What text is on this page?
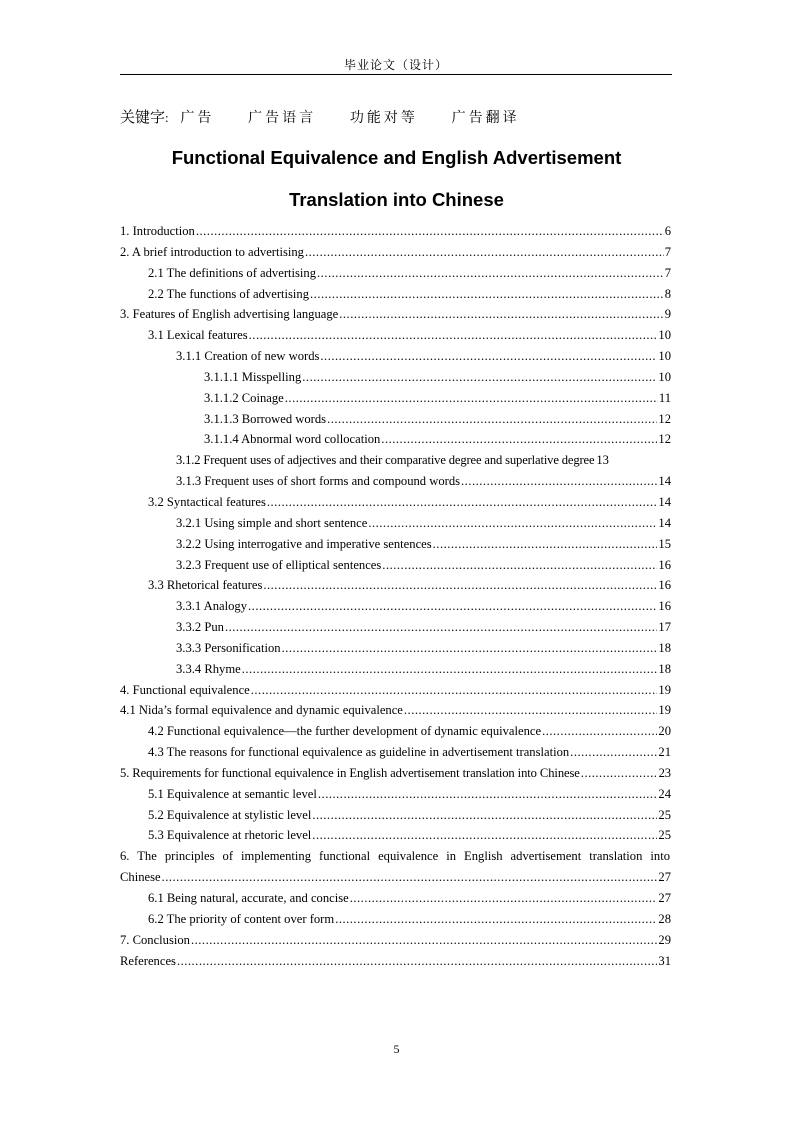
毕业论文（设计）
关键字: 广告 广告语言 功能对等 广告翻译
Functional Equivalence and English Advertisement
Translation into Chinese
1. Introduction .....	6
2. A brief introduction to advertising .....	7
2.1 The definitions of advertising .....	7
2.2 The functions of advertising .....	8
3. Features of English advertising language .....	9
3.1 Lexical features .....	10
3.1.1 Creation of new words .....	10
3.1.1.1 Misspelling .....	10
3.1.1.2 Coinage .....	11
3.1.1.3 Borrowed words .....	12
3.1.1.4 Abnormal word collocation .....	12
3.1.2 Frequent uses of adjectives and their comparative degree and superlative degree 13
3.1.3 Frequent uses of short forms and compound words .....	14
3.2 Syntactical features .....	14
3.2.1 Using simple and short sentence .....	14
3.2.2 Using interrogative and imperative sentences .....	15
3.2.3 Frequent use of elliptical sentences .....	16
3.3 Rhetorical features .....	16
3.3.1 Analogy .....	16
3.3.2 Pun .....	17
3.3.3 Personification .....	18
3.3.4 Rhyme .....	18
4. Functional equivalence .....	19
4.1 Nida’s formal equivalence and dynamic equivalence .....	19
4.2 Functional equivalence—the further development of dynamic equivalence .....	20
4.3 The reasons for functional equivalence as guideline in advertisement translation .....	21
5. Requirements for functional equivalence in English advertisement translation into Chinese .....	23
5.1 Equivalence at semantic level .....	24
5.2 Equivalence at stylistic level .....	25
5.3 Equivalence at rhetoric level .....	25
6. The principles of implementing functional equivalence in English advertisement translation into
Chinese .....	27
6.1 Being natural, accurate, and concise .....	27
6.2 The priority of content over form .....	28
7. Conclusion .....	29
References .....	31
5
